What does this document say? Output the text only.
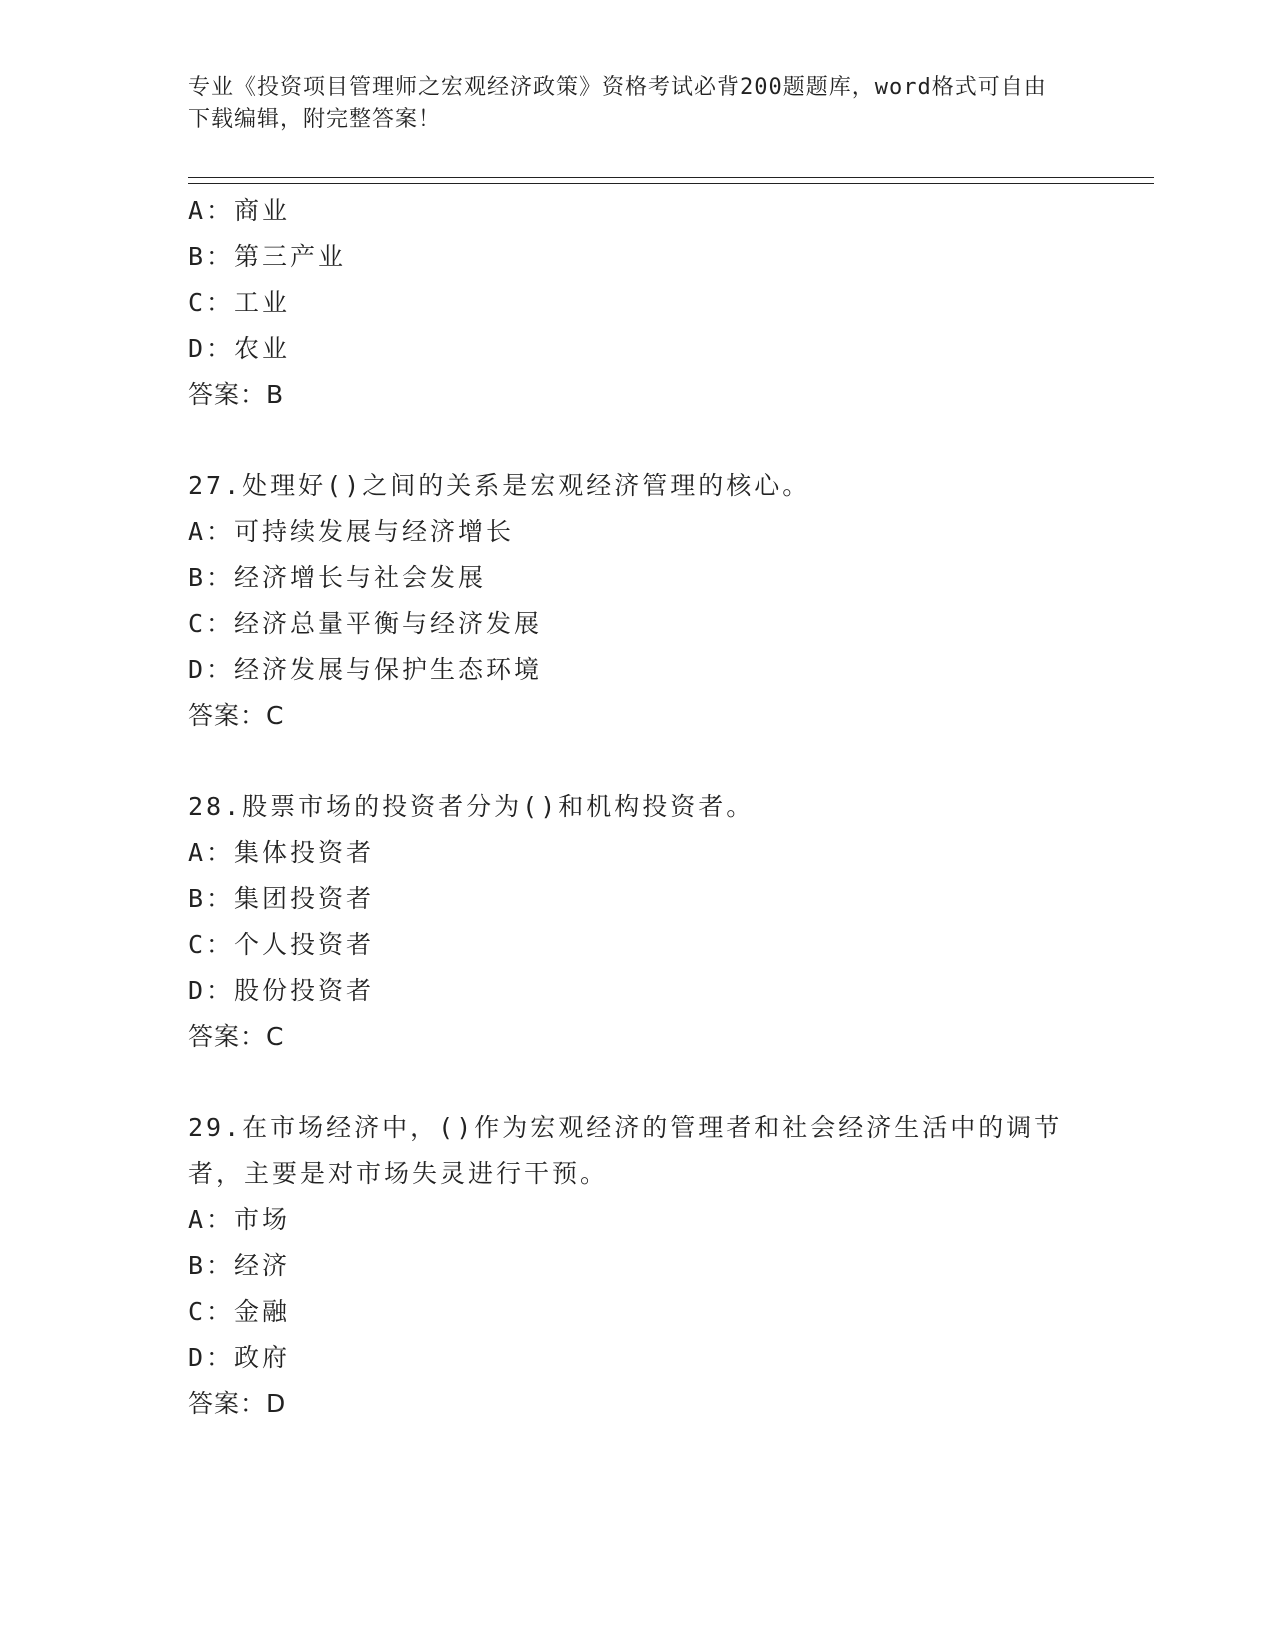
专业《投资项目管理师之宏观经济政策》资格考试必背200题题库，word格式可自由下载编辑，附完整答案！
A：商业
B：第三产业
C：工业
D：农业
答案：B
27.处理好()之间的关系是宏观经济管理的核心。
A：可持续发展与经济增长
B：经济增长与社会发展
C：经济总量平衡与经济发展
D：经济发展与保护生态环境
答案：C
28.股票市场的投资者分为()和机构投资者。
A：集体投资者
B：集团投资者
C：个人投资者
D：股份投资者
答案：C
29.在市场经济中，()作为宏观经济的管理者和社会经济生活中的调节者，主要是对市场失灵进行干预。
A：市场
B：经济
C：金融
D：政府
答案：D
